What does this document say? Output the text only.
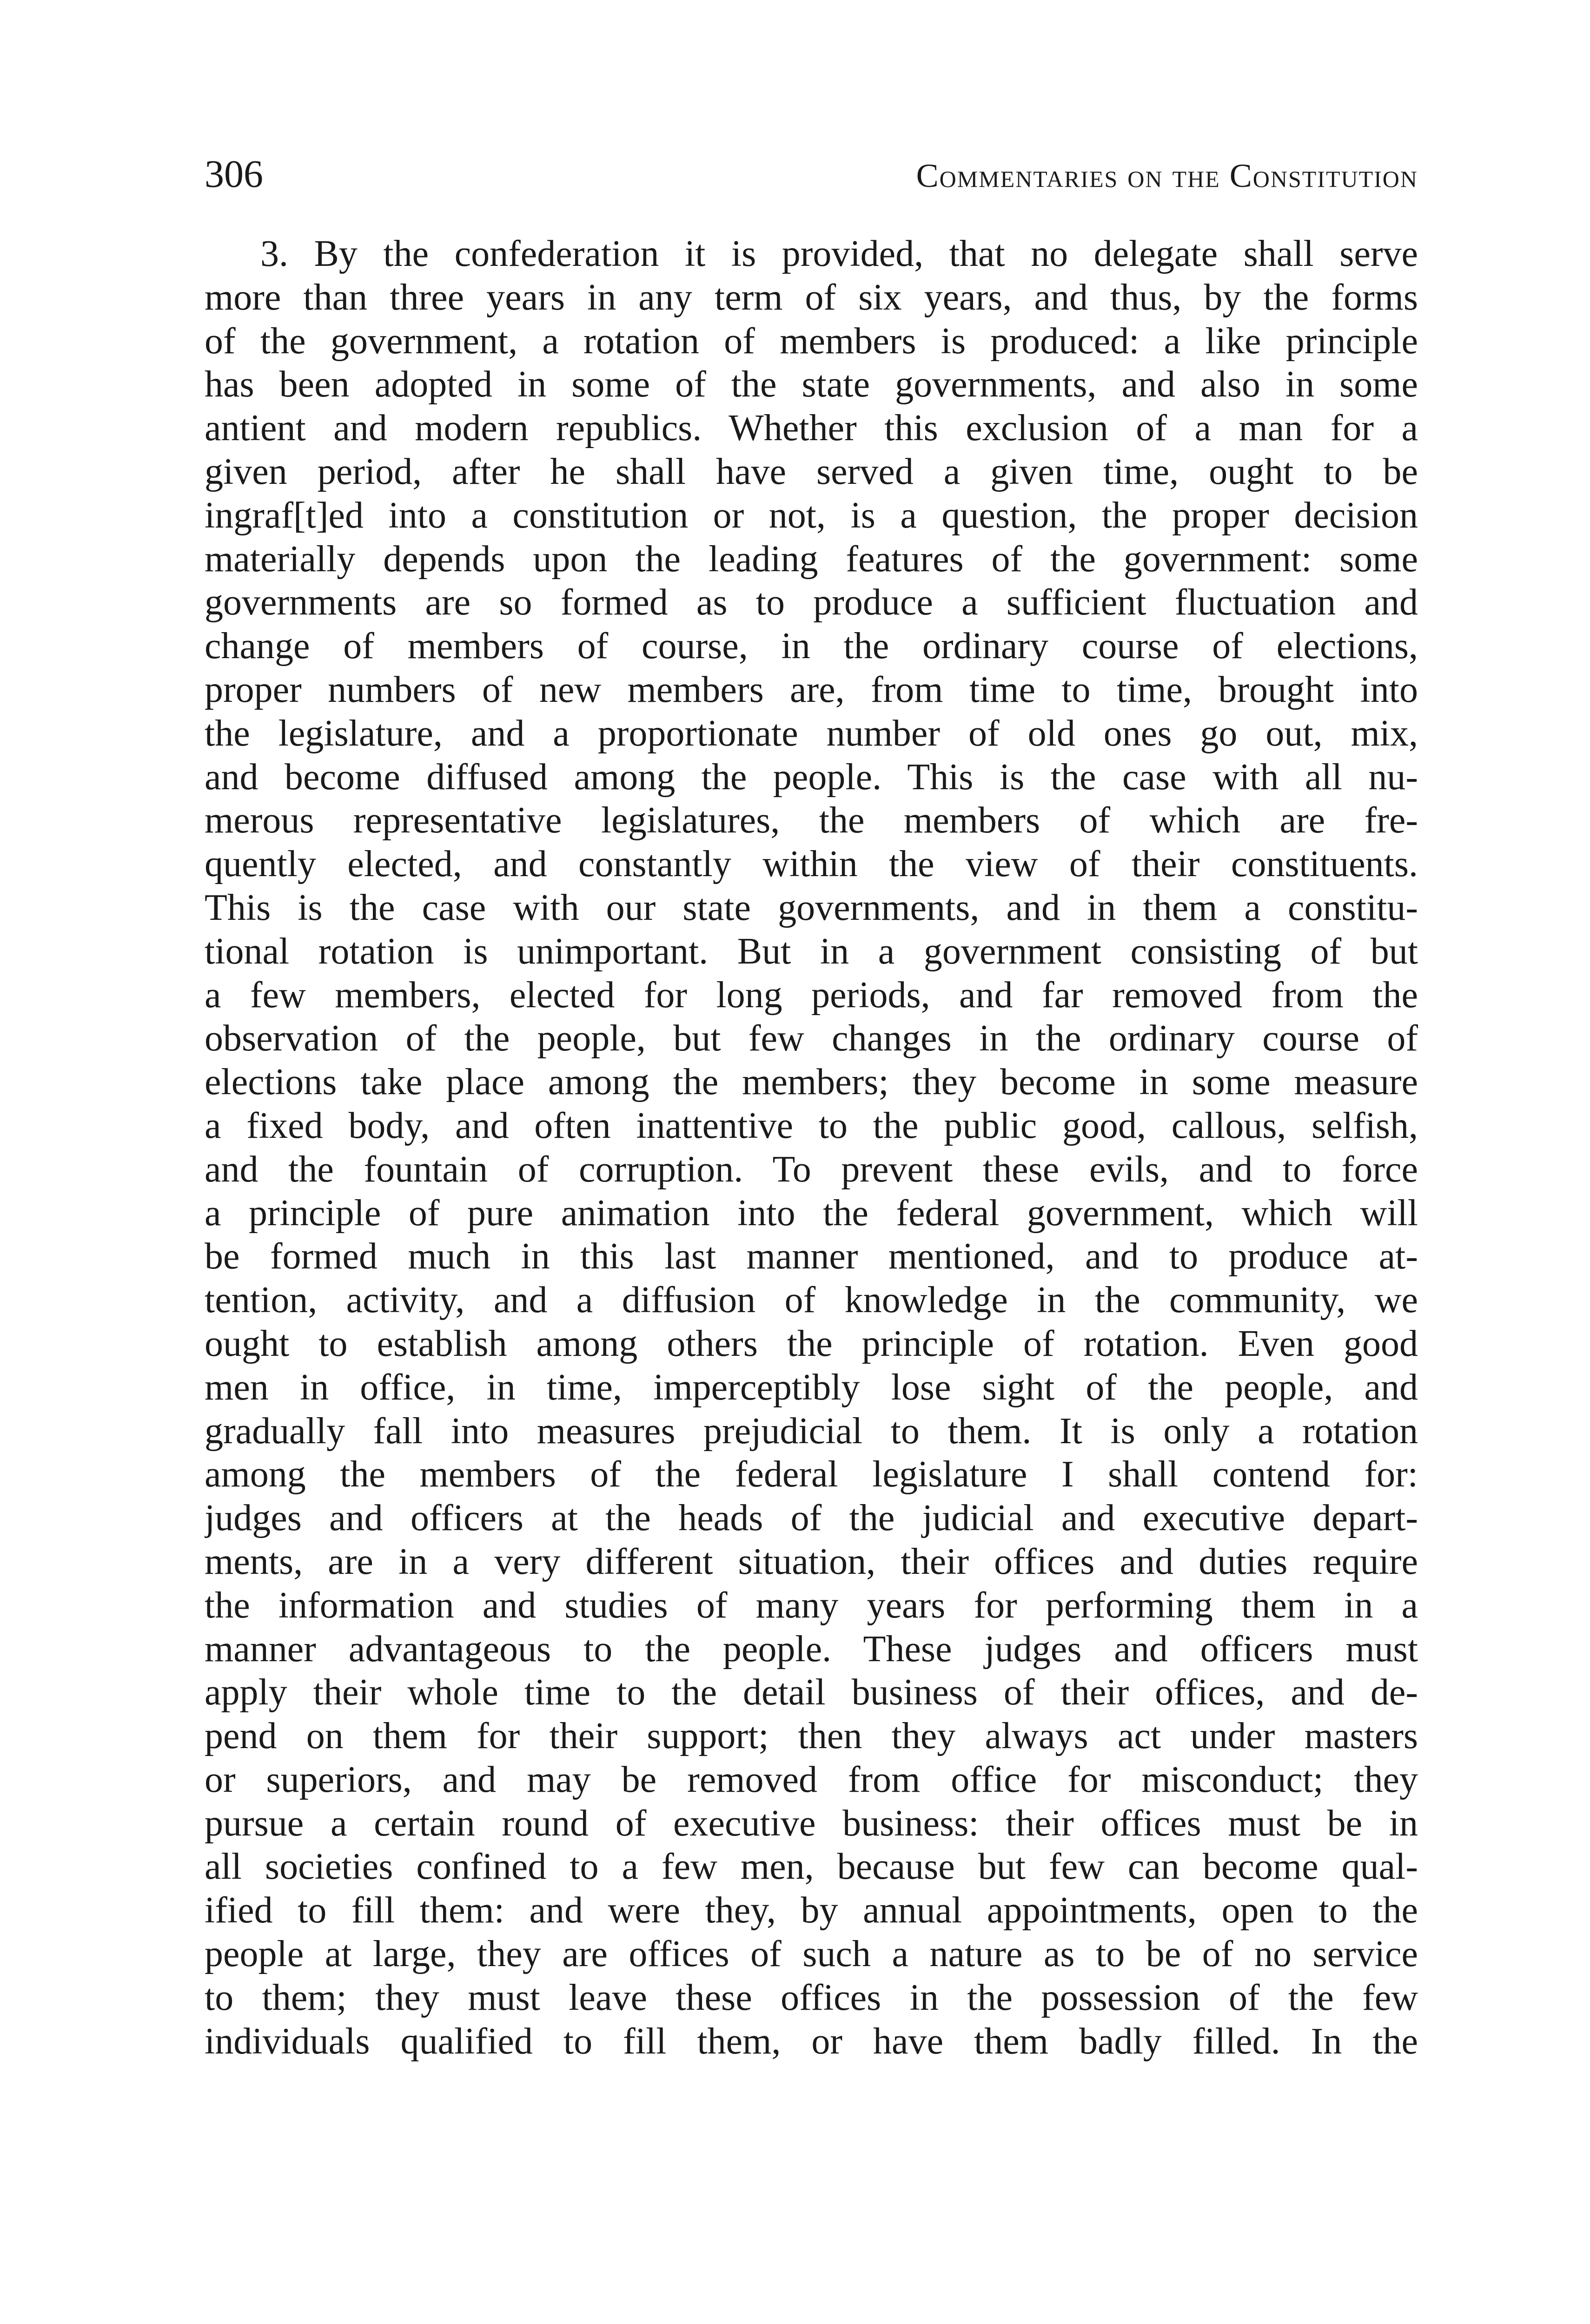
306	Commentaries on the Constitution
3. By the confederation it is provided, that no delegate shall serve
more than three years in any term of six years, and thus, by the forms
of the government, a rotation of members is produced: a like principle
has been adopted in some of the state governments, and also in some
antient and modern republics. Whether this exclusion of a man for a
given period, after he shall have served a given time, ought to be
ingraf[t]ed into a constitution or not, is a question, the proper decision
materially depends upon the leading features of the government: some
governments are so formed as to produce a sufficient fluctuation and
change of members of course, in the ordinary course of elections,
proper numbers of new members are, from time to time, brought into
the legislature, and a proportionate number of old ones go out, mix,
and become diffused among the people. This is the case with all nu-
merous representative legislatures, the members of which are fre-
quently elected, and constantly within the view of their constituents.
This is the case with our state governments, and in them a constitu-
tional rotation is unimportant. But in a government consisting of but
a few members, elected for long periods, and far removed from the
observation of the people, but few changes in the ordinary course of
elections take place among the members; they become in some measure
a fixed body, and often inattentive to the public good, callous, selfish,
and the fountain of corruption. To prevent these evils, and to force
a principle of pure animation into the federal government, which will
be formed much in this last manner mentioned, and to produce at-
tention, activity, and a diffusion of knowledge in the community, we
ought to establish among others the principle of rotation. Even good
men in office, in time, imperceptibly lose sight of the people, and
gradually fall into measures prejudicial to them. It is only a rotation
among the members of the federal legislature I shall contend for:
judges and officers at the heads of the judicial and executive depart-
ments, are in a very different situation, their offices and duties require
the information and studies of many years for performing them in a
manner advantageous to the people. These judges and officers must
apply their whole time to the detail business of their offices, and de-
pend on them for their support; then they always act under masters
or superiors, and may be removed from office for misconduct; they
pursue a certain round of executive business: their offices must be in
all societies confined to a few men, because but few can become qual-
ified to fill them: and were they, by annual appointments, open to the
people at large, they are offices of such a nature as to be of no service
to them; they must leave these offices in the possession of the few
individuals qualified to fill them, or have them badly filled. In the
